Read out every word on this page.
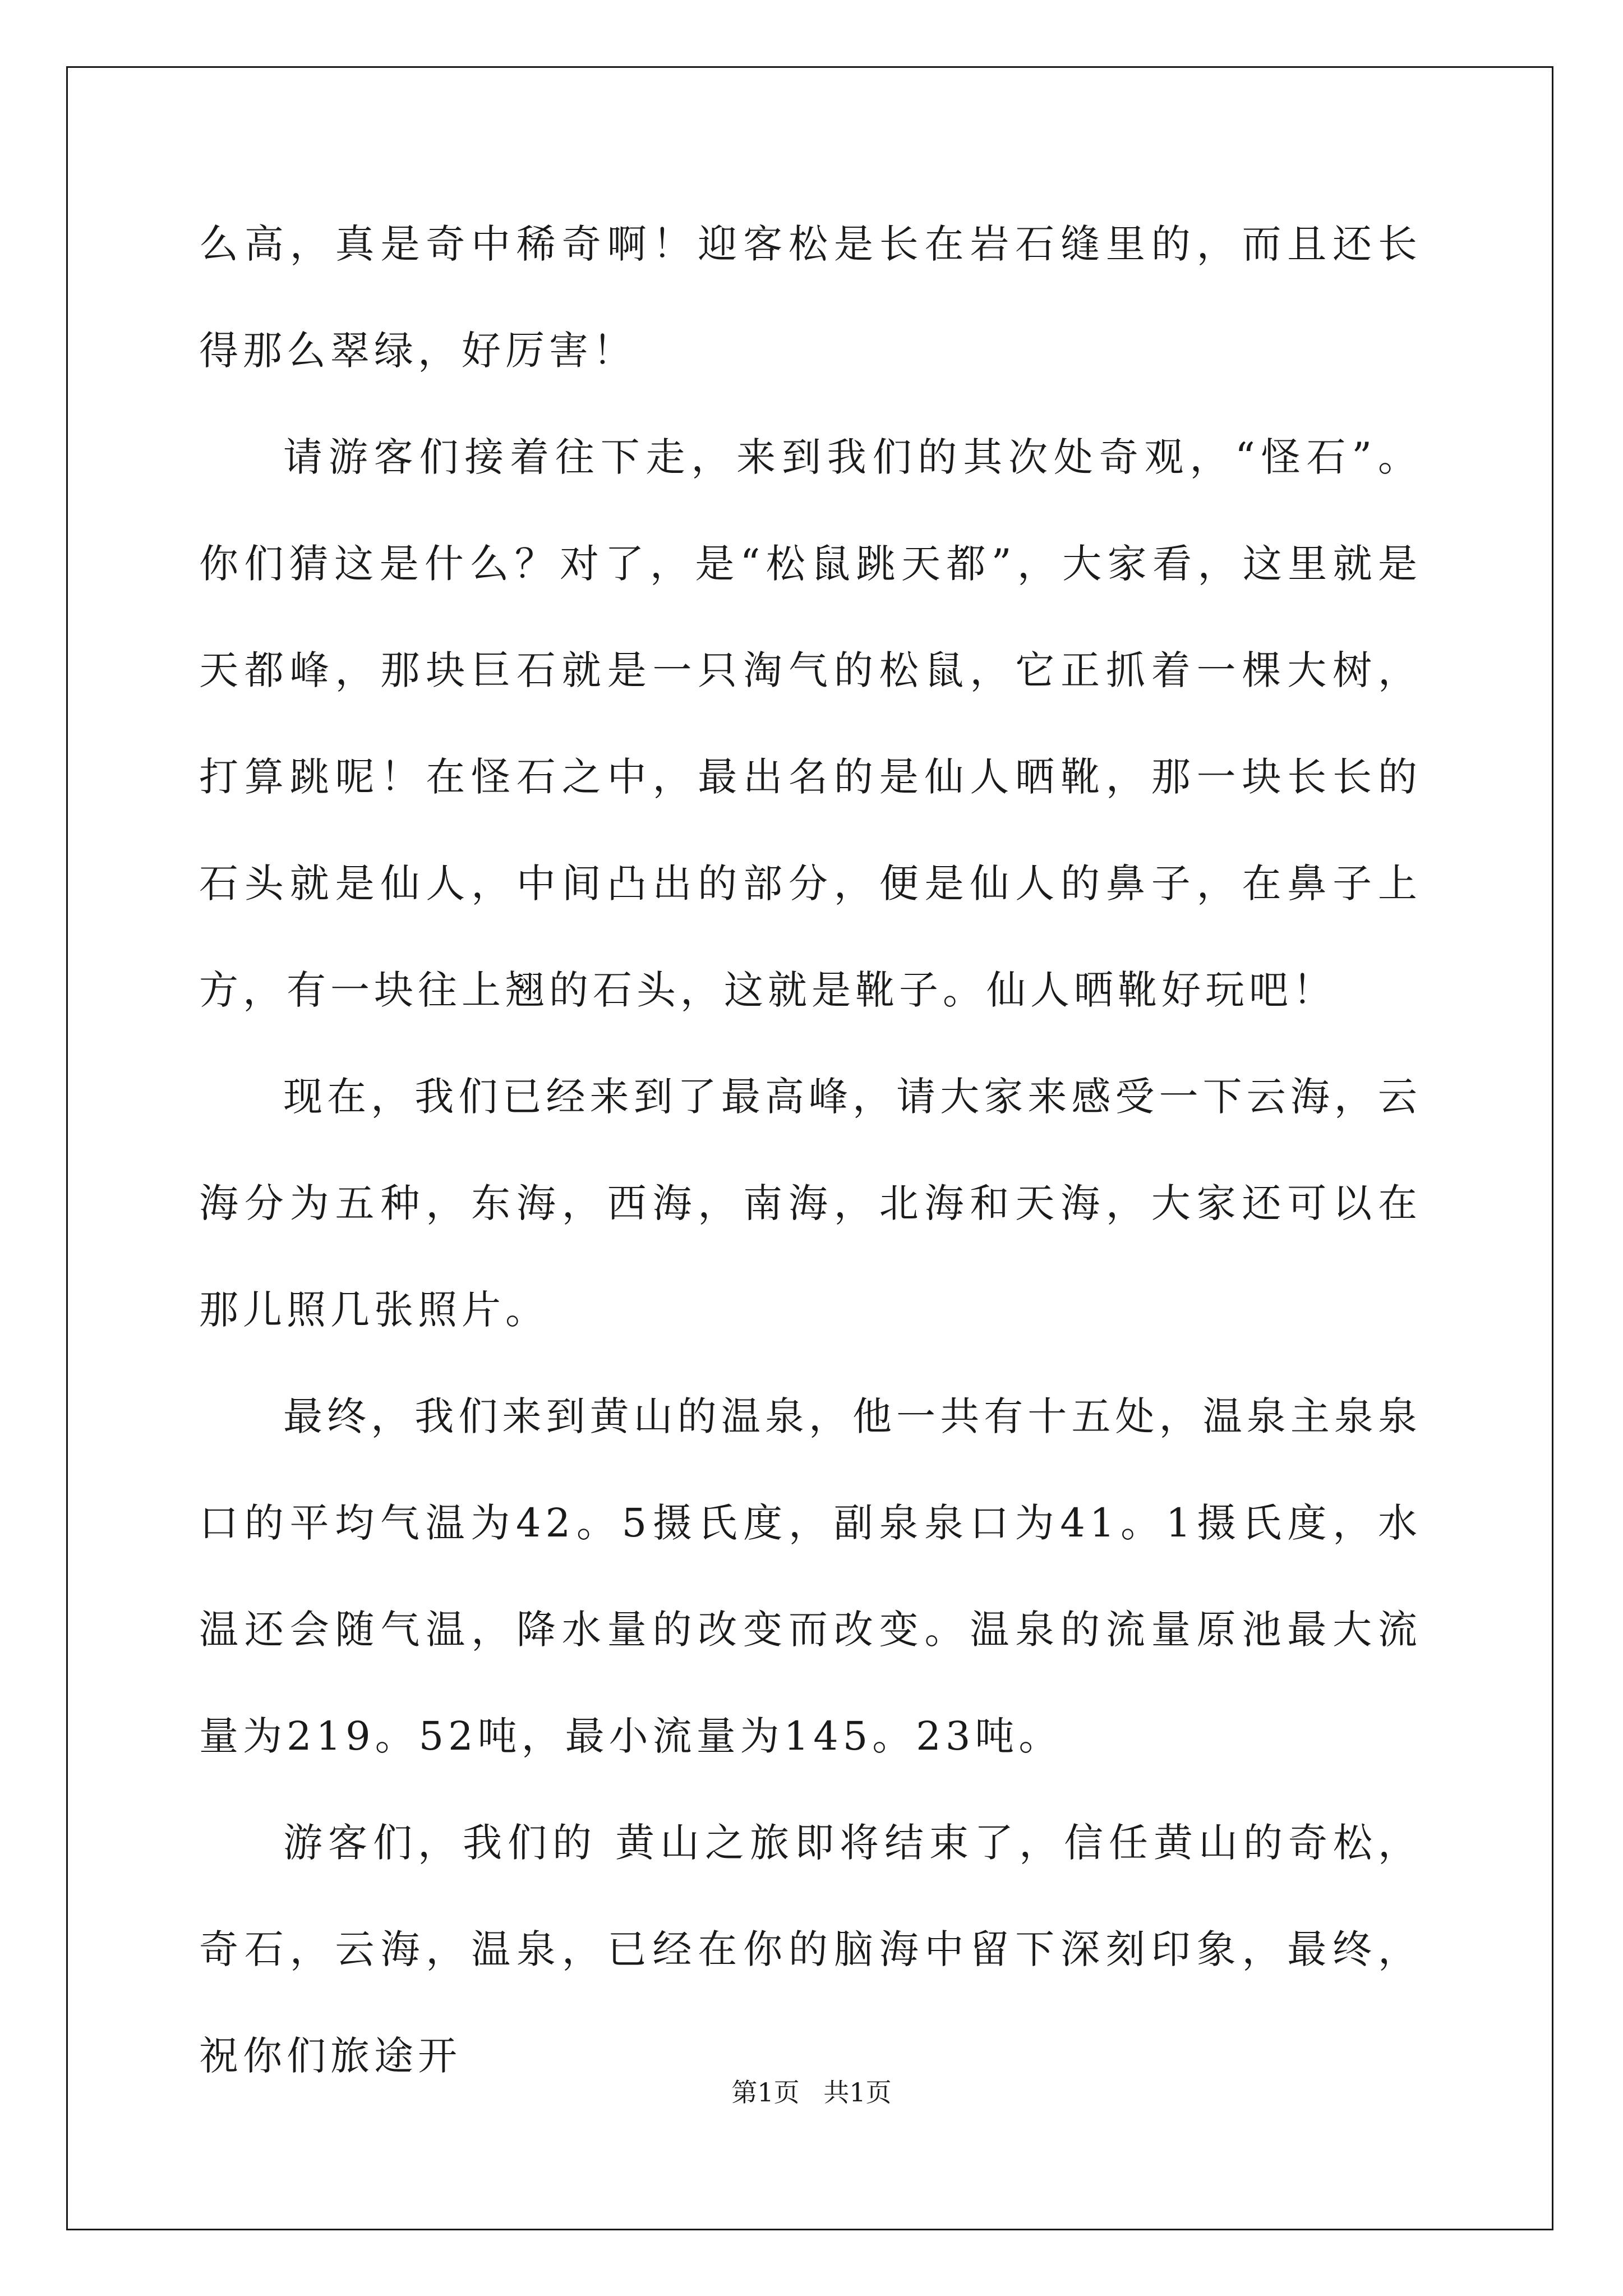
么高，真是奇中稀奇啊！迎客松是长在岩石缝里的，而且还长得那么翠绿，好厉害！

请游客们接着往下走，来到我们的其次处奇观，“怪石”。你们猜这是什么？对了，是“松鼠跳天都”，大家看，这里就是天都峰，那块巨石就是一只淘气的松鼠，它正抓着一棵大树，打算跳呢！在怪石之中，最出名的是仙人晒靴，那一块长长的石头就是仙人，中间凸出的部分，便是仙人的鼻子，在鼻子上方，有一块往上翘的石头，这就是靴子。仙人晒靴好玩吧！

现在，我们已经来到了最高峰，请大家来感受一下云海，云海分为五种，东海，西海，南海，北海和天海，大家还可以在那儿照几张照片。

最终，我们来到黄山的温泉，他一共有十五处，温泉主泉泉口的平均气温为42。5摄氏度，副泉泉口为41。1摄氏度，水温还会随气温，降水量的改变而改变。温泉的流量原池最大流量为219。52吨，最小流量为145。23吨。

游客们，我们的 黄山之旅即将结束了，信任黄山的奇松，奇石，云海，温泉，已经在你的脑海中留下深刻印象，最终，祝你们旅途开

第1页 共1页
